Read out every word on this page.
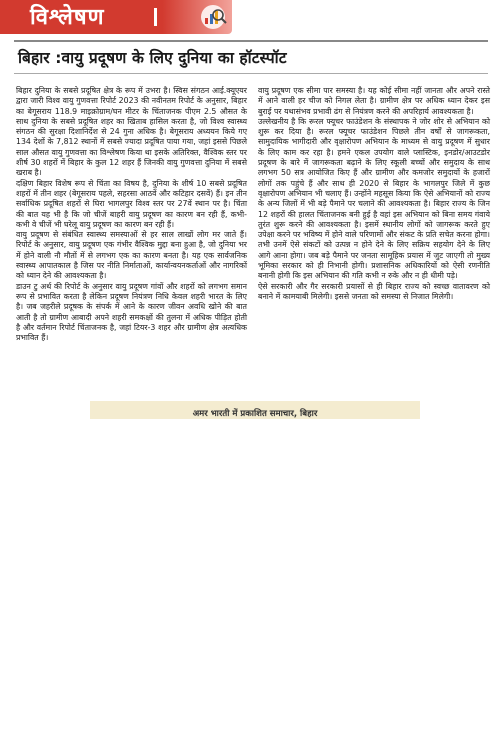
विश्लेषण
बिहार :वायु प्रदूषण के लिए दुनिया का हॉटस्पॉट

बिहार दुनिया के सबसे प्रदूषित क्षेत्र के रूप में उभरा है। स्विस संगठन आई.क्यूएयर द्वारा जारी विश्व वायु गुणवत्ता रिपोर्ट 2023 की नवीनतम रिपोर्ट के अनुसार, बिहार का बेगूसराय 118.9 माइक्रोग्राम/घन मीटर के चिंताजनक पीएम 2.5 औसत के साथ दुनिया के सबसे प्रदूषित शहर का खिताब हासिल करता है, जो विश्व स्वास्थ्य संगठन की सुरक्षा दिशानिर्देश से 24 गुना अधिक है। बेगूसराय अध्ययन किये गए 134 देशों के 7,812 स्थानों में सबसे ज्यादा प्रदूषित पाया गया, जहां इससे पिछले साल औसत वायु गुणवत्ता का विश्लेषण किया था इसके अतिरिक्त, वैश्विक स्तर पर शीर्ष 30 शहरों में बिहार के कुल 12 शहर हैं जिनकी वायु गुणवत्ता दुनिया में सबसे खराब है।

दक्षिण बिहार विशेष रूप से चिंता का विषय है, दुनिया के शीर्ष 10 सबसे प्रदूषित शहरों में तीन शहर (बेगूसराय पहले, सहरसा आठवें और कटिहार दसवें) हैं। इन तीन सर्वाधिक प्रदूषित शहरों से घिरा भागलपुर विश्व स्तर पर 27वें स्थान पर है। चिंता की बात यह भी है कि जो चीजें बाहरी वायु प्रदूषण का कारण बन रही हैं, कभी-कभी वे चीजें भी घरेलू वायु प्रदूषण का कारण बन रही हैं।

वायु प्रदूषण से संबंधित स्वास्थ्य समस्याओं से हर साल लाखों लोग मर जाते हैं। रिपोर्ट के अनुसार, वायु प्रदूषण एक गंभीर वैश्विक मुद्दा बना हुआ है, जो दुनिया भर में होने वाली नौ मौतों में से लगभग एक का कारण बनता है। यह एक सार्वजनिक स्वास्थ्य आपातकाल है जिस पर नीति निर्माताओं, कार्यान्वयनकर्ताओं और नागरिकों को ध्यान देने की आवश्यकता है।

डाउन टु अर्थ की रिपोर्ट के अनुसार वायु प्रदूषण गांवों और शहरों को लगभग समान रूप से प्रभावित करता है लेकिन प्रदूषण नियंत्रण निधि केवल शहरी भारत के लिए है। जब जहरीले प्रदूषक के संपर्क में आने के कारण जीवन अवधि खोने की बात आती है तो ग्रामीण आबादी अपने शहरी समकक्षों की तुलना में अधिक पीड़ित होती है और वर्तमान रिपोर्ट चिंताजनक है, जहां टियर-3 शहर और ग्रामीण क्षेत्र अत्यधिक प्रभावित हैं।

वायु प्रदूषण एक सीमा पार समस्या है। यह कोई सीमा नहीं जानता और अपने रास्ते में आने वाली हर चीज को निगल लेता है। ग्रामीण क्षेत्र पर अधिक ध्यान देकर इस बुराई पर यथासंभव प्रभावी ढंग से नियंत्रण करने की अपरिहार्य आवश्यकता है।

उल्लेखनीय है कि रूरल फ्यूचर फाउंडेशन के संस्थापक ने जोर शोर से अभियान को शुरू कर दिया है। रूरल फ्यूचर फाउंडेशन पिछले तीन वर्षों से जागरूकता, सामुदायिक भागीदारी और वृक्षारोपण अभियान के माध्यम से वायु प्रदूषण में सुधार के लिए काम कर रहा है। हमने एकल उपयोग वाले प्लास्टिक, इनडोर/आउटडोर प्रदूषण के बारे में जागरूकता बढ़ाने के लिए स्कूली बच्चों और समुदाय के साथ लगभग 50 सत्र आयोजित किए हैं और ग्रामीण और कमजोर समुदायों के हजारों लोगों तक पहुंचे हैं और साथ ही 2020 से बिहार के भागलपुर जिले में कुछ वृक्षारोपण अभियान भी चलाए हैं। उन्होंने महसूस किया कि ऐसे अभियानों को राज्य के अन्य जिलों में भी बड़े पैमाने पर चलाने की आवश्यकता है। बिहार राज्य के जिन 12 शहरों की हालत चिंताजनक बनी हुई है वहां इस अभियान को बिना समय गंवाये तुरंत शुरू करने की आवश्यकता है। इसमें स्थानीय लोगों को जागरूक करते हुए उपेक्षा करने पर भविष्य में होने वाले परिणामों और संकट के प्रति सचेत करना होगा। तभी उनमें ऐसे संकटों को उत्पन्न न होने देने के लिए सक्रिय सहयोग देने के लिए आगे आना होगा। जब बड़े पैमाने पर जनता सामूहिक प्रयास में जुट जाएगी तो मुख्य भूमिका सरकार को ही निभानी होगी। प्रशासनिक अधिकारियों को ऐसी रणनीति बनानी होगी कि इस अभियान की गति कभी न रुके और न ही धीमी पड़े।

ऐसे सरकारी और गैर सरकारी प्रयासों से ही बिहार राज्य को स्वच्छ वातावरण को बनाने में कामयाबी मिलेगी। इससे जनता को समस्या से निजात मिलेगी।

अमर भारती में प्रकाशित समाचार, बिहार
